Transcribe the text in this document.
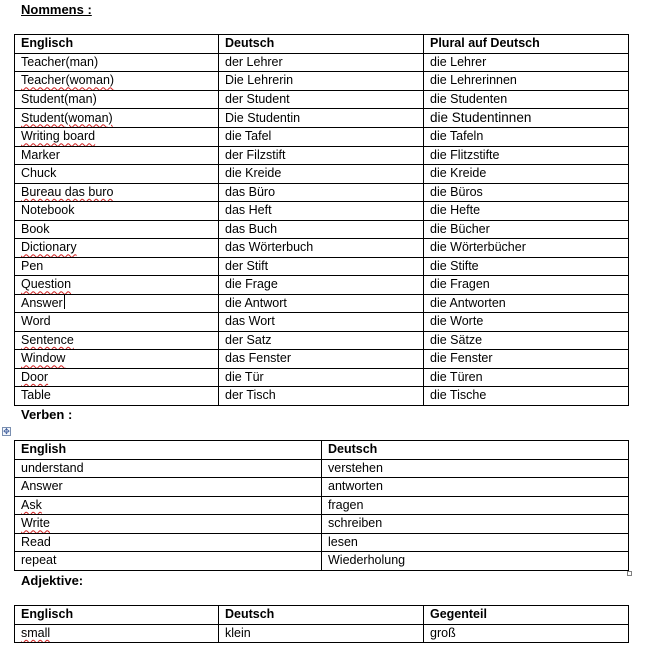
Nommens :
Englisch	Deutsch	Plural auf Deutsch
Teacher(man)	der Lehrer	die Lehrer
Teacher(woman)	Die Lehrerin	die Lehrerinnen
Student(man)	der Student	die Studenten
Student(woman)	Die Studentin	die Studentinnen
Writing board	die Tafel	die Tafeln
Marker	der Filzstift	die Flitzstifte
Chuck	die Kreide	die Kreide
Bureau das buro	das Büro	die Büros
Notebook	das Heft	die Hefte
Book	das Buch	die Bücher
Dictionary	das Wörterbuch	die Wörterbücher
Pen	der Stift	die Stifte
Question	die Frage	die Fragen
Answer	die Antwort	die Antworten
Word	das Wort	die Worte
Sentence	der Satz	die Sätze
Window	das Fenster	die Fenster
Door	die Tür	die Türen
Table	der Tisch	die Tische
✥
Verben :
English	Deutsch
understand	verstehen
Answer	antworten
Ask	fragen
Write	schreiben
Read	lesen
repeat	Wiederholung
Adjektive:
Englisch	Deutsch	Gegenteil
small	klein	groß
